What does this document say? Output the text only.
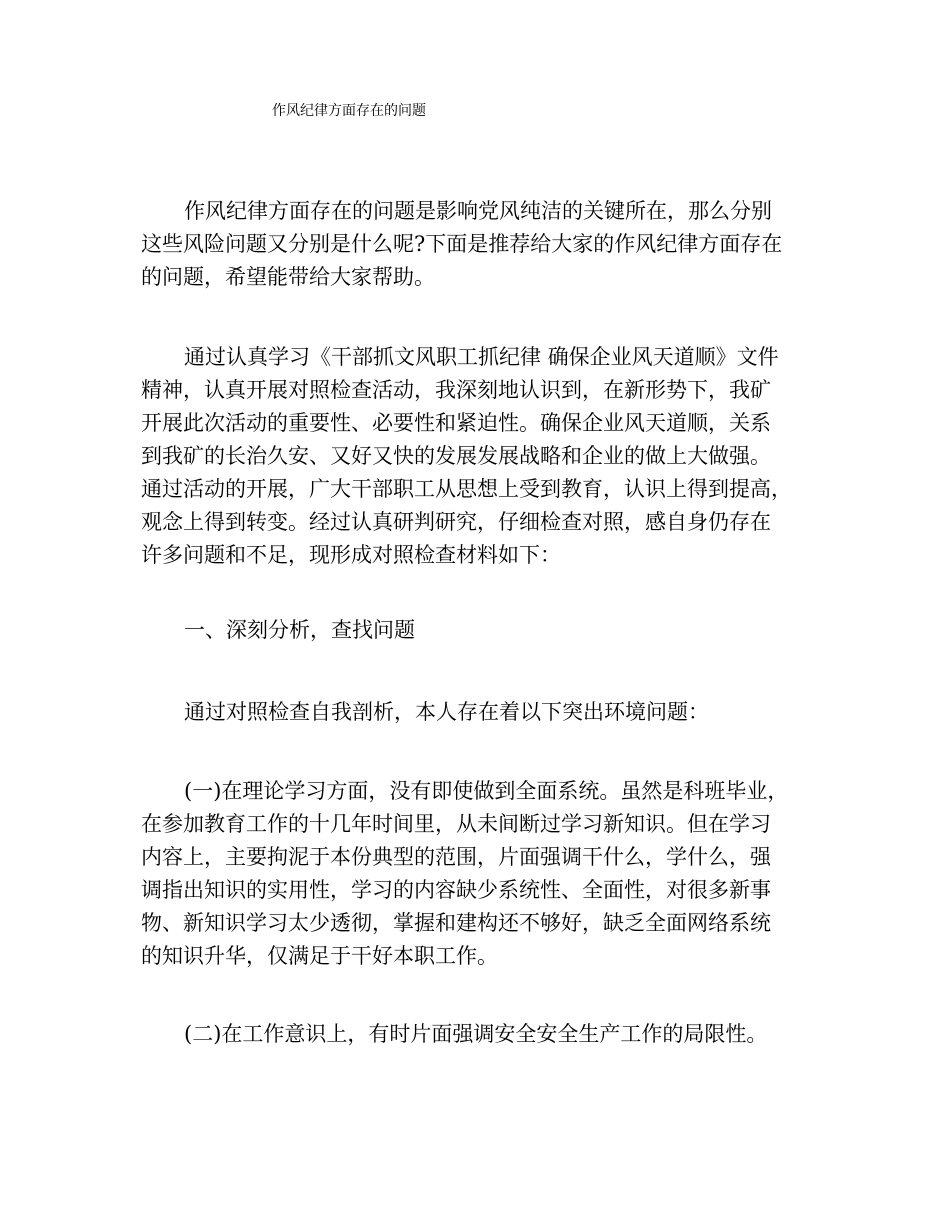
作风纪律方面存在的问题
作风纪律方面存在的问题是影响党风纯洁的关键所在，那么分别
这些风险问题又分别是什么呢?下面是推荐给大家的作风纪律方面存在
的问题，希望能带给大家帮助。
通过认真学习《干部抓文风职工抓纪律 确保企业风天道顺》文件
精神，认真开展对照检查活动，我深刻地认识到，在新形势下，我矿
开展此次活动的重要性、必要性和紧迫性。确保企业风天道顺，关系
到我矿的长治久安、又好又快的发展发展战略和企业的做上大做强。
通过活动的开展，广大干部职工从思想上受到教育，认识上得到提高，
观念上得到转变。经过认真研判研究，仔细检查对照，感自身仍存在
许多问题和不足，现形成对照检查材料如下：
一、深刻分析，查找问题
通过对照检查自我剖析，本人存在着以下突出环境问题：
(一)在理论学习方面，没有即使做到全面系统。虽然是科班毕业，
在参加教育工作的十几年时间里，从未间断过学习新知识。但在学习
内容上，主要拘泥于本份典型的范围，片面强调干什么，学什么，强
调指出知识的实用性，学习的内容缺少系统性、全面性，对很多新事
物、新知识学习太少透彻，掌握和建构还不够好，缺乏全面网络系统
的知识升华，仅满足于干好本职工作。
(二)在工作意识上，有时片面强调安全安全生产工作的局限性。
